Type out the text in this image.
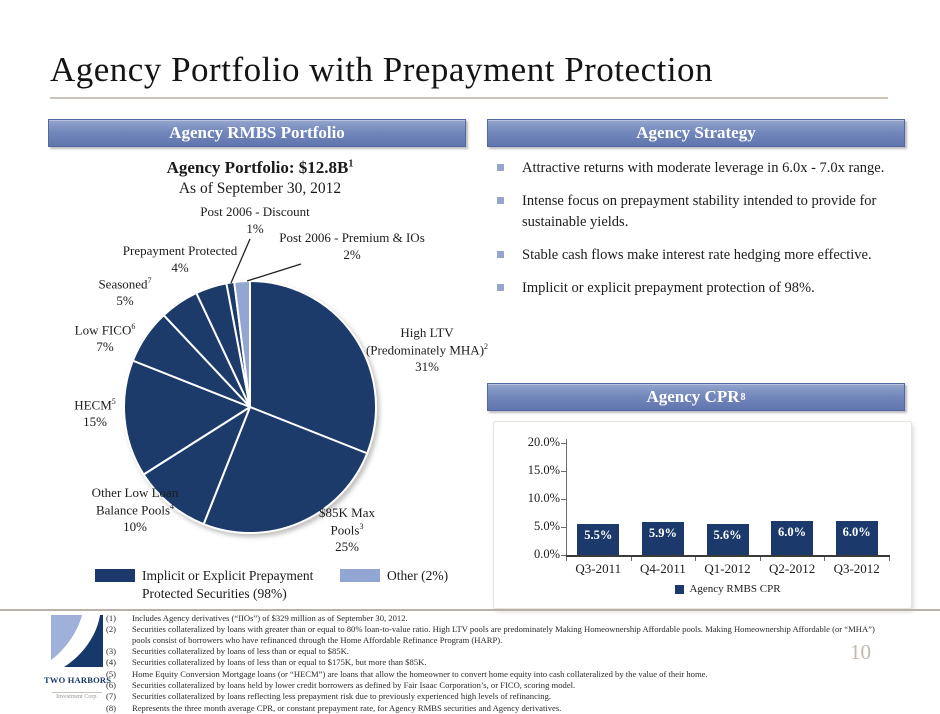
Agency Portfolio with Prepayment Protection
Agency RMBS Portfolio	Agency Strategy
Agency Portfolio: $\$12.8B^1$
As of September 30, 2012
High LTV
(Predominately MHA)$^2$
31%
$85K Max
Pools$^3$
25%
Other Low Loan
Balance Pools$^4$
10%
HECM$^5$
15%
Low FICO$^6$
7%
Seasoned$^7$
5%
Prepayment Protected
4%
Post 2006 - Discount
1%
Post 2006 - Premium & IOs
2%
Implicit or Explicit Prepayment Protected Securities (98%)
Other (2%)
Attractive returns with moderate leverage in 6.0x - 7.0x range.
Intense focus on prepayment stability intended to provide for sustainable yields.
Stable cash flows make interest rate hedging more effective.
Implicit or explicit prepayment protection of 98%.
Agency CPR 8
0.0%
5.0%
10.0%
15.0%
20.0%
5.5%
Q3-2011
5.9%
Q4-2011
5.6%
Q1-2012
6.0%
Q2-2012
6.0%
Q3-2012
Agency RMBS CPR
TWO HARBORS
Investment Corp.
(1)	Includes Agency derivatives (“IIOs”) of $329 million as of September 30, 2012.
(2)	Securities collateralized by loans with greater than or equal to 80% loan-to-value ratio. High LTV pools are predominately Making Homeownership Affordable pools. Making Homeownership Affordable (or “MHA”) pools consist of borrowers who have refinanced through the Home Affordable Refinance Program (HARP).
(3)	Securities collateralized by loans of less than or equal to $85K.
(4)	Securities collateralized by loans of less than or equal to $175K, but more than $85K.
(5)	Home Equity Conversion Mortgage loans (or “HECM”) are loans that allow the homeowner to convert home equity into cash collateralized by the value of their home.
(6)	Securities collateralized by loans held by lower credit borrowers as defined by Fair Isaac Corporation’s, or FICO, scoring model.
(7)	Securities collateralized by loans reflecting less prepayment risk due to previously experienced high levels of refinancing.
(8)	Represents the three month average CPR, or constant prepayment rate, for Agency RMBS securities and Agency derivatives.
10
